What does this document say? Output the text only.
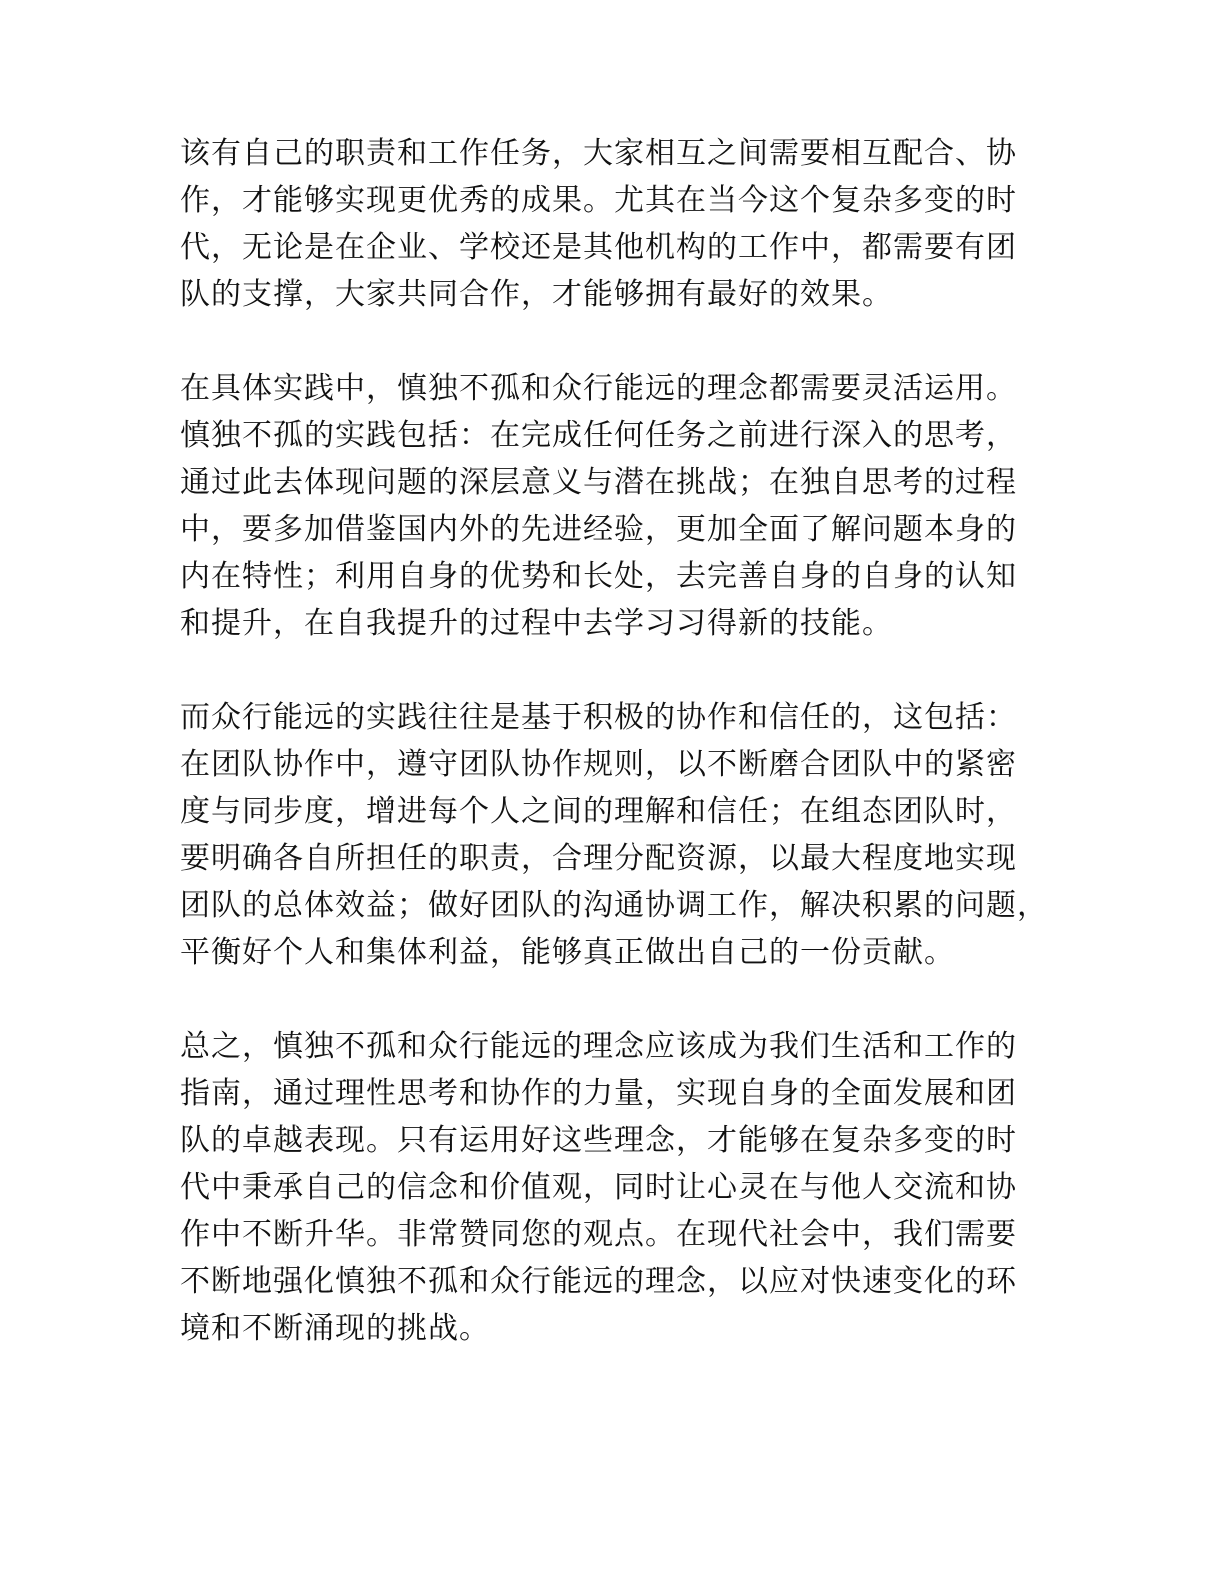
该有自己的职责和工作任务，大家相互之间需要相互配合、协
作，才能够实现更优秀的成果。尤其在当今这个复杂多变的时
代，无论是在企业、学校还是其他机构的工作中，都需要有团
队的支撑，大家共同合作，才能够拥有最好的效果。

在具体实践中，慎独不孤和众行能远的理念都需要灵活运用。
慎独不孤的实践包括：在完成任何任务之前进行深入的思考，
通过此去体现问题的深层意义与潜在挑战；在独自思考的过程
中，要多加借鉴国内外的先进经验，更加全面了解问题本身的
内在特性；利用自身的优势和长处，去完善自身的自身的认知
和提升，在自我提升的过程中去学习习得新的技能。

而众行能远的实践往往是基于积极的协作和信任的，这包括：
在团队协作中，遵守团队协作规则，以不断磨合团队中的紧密
度与同步度，增进每个人之间的理解和信任；在组态团队时，
要明确各自所担任的职责，合理分配资源，以最大程度地实现
团队的总体效益；做好团队的沟通协调工作，解决积累的问题，
平衡好个人和集体利益，能够真正做出自己的一份贡献。

总之，慎独不孤和众行能远的理念应该成为我们生活和工作的
指南，通过理性思考和协作的力量，实现自身的全面发展和团
队的卓越表现。只有运用好这些理念，才能够在复杂多变的时
代中秉承自己的信念和价值观，同时让心灵在与他人交流和协
作中不断升华。非常赞同您的观点。在现代社会中，我们需要
不断地强化慎独不孤和众行能远的理念，以应对快速变化的环
境和不断涌现的挑战。
